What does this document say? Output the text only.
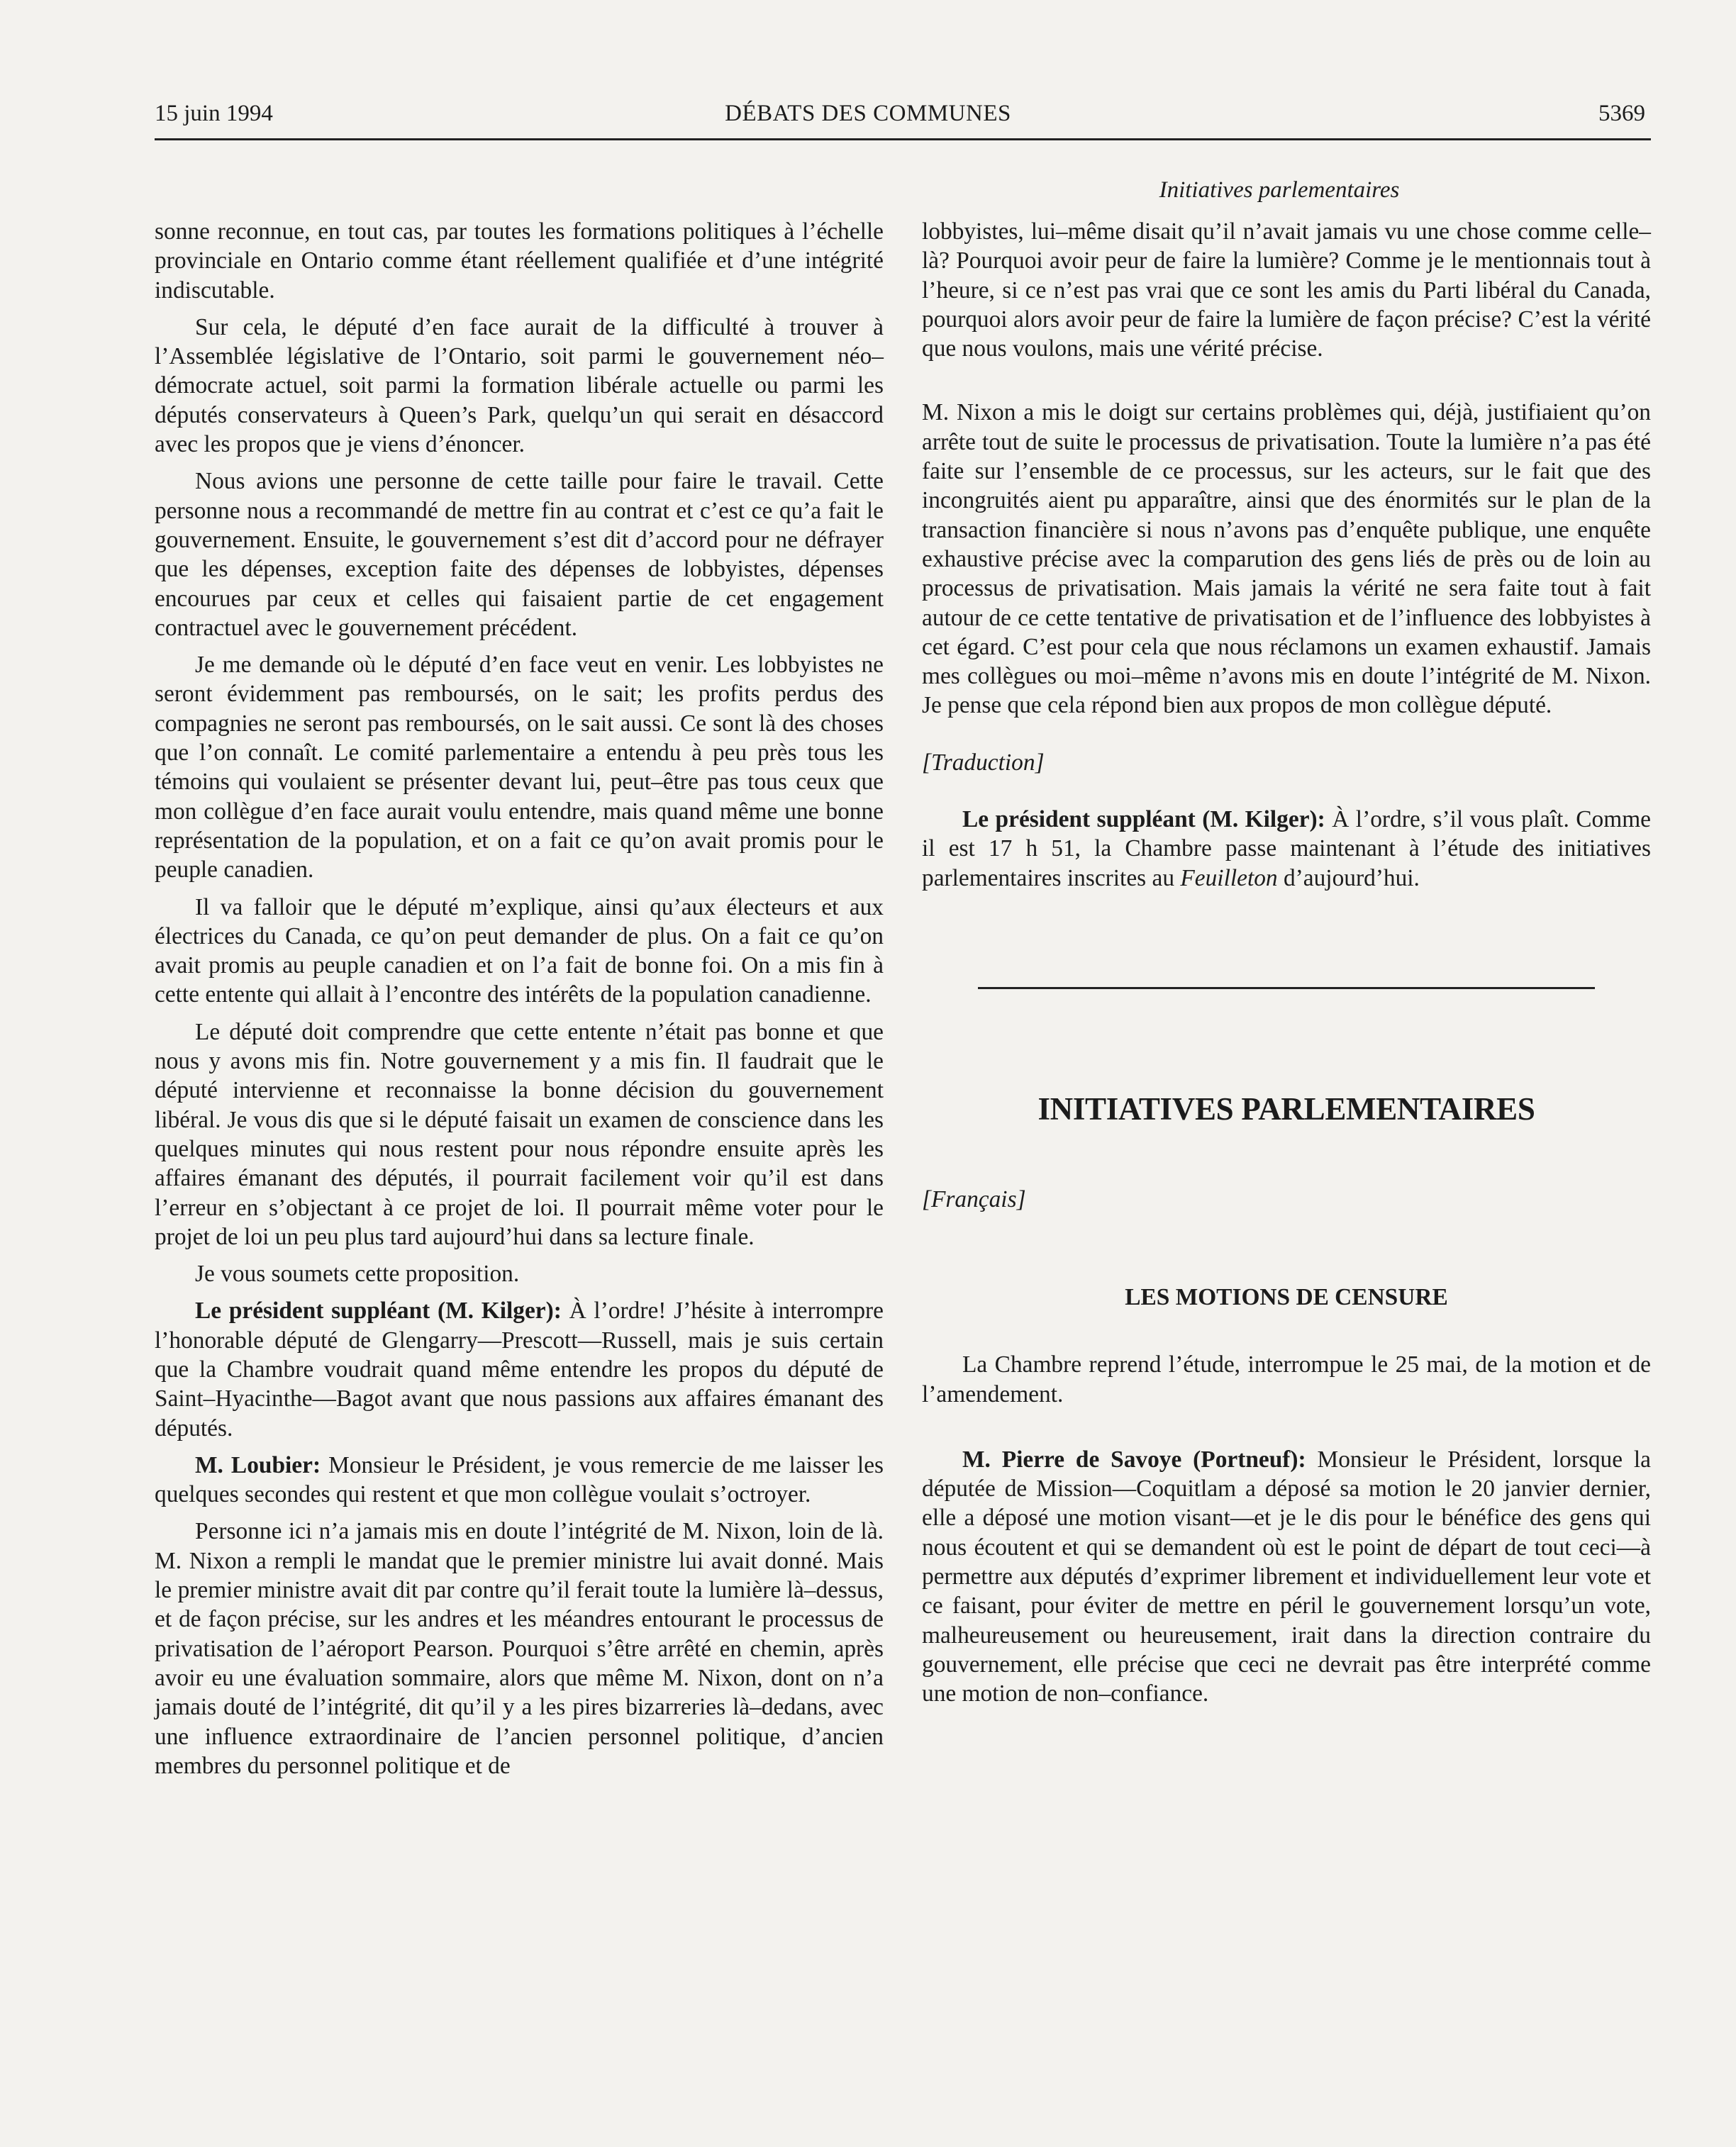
15 juin 1994	DÉBATS DES COMMUNES	5369
Initiatives parlementaires

sonne reconnue, en tout cas, par toutes les formations politiques à l’échelle provinciale en Ontario comme étant réellement qualifiée et d’une intégrité indiscutable.

Sur cela, le député d’en face aurait de la difficulté à trouver à l’Assemblée législative de l’Ontario, soit parmi le gouvernement néo–démocrate actuel, soit parmi la formation libérale actuelle ou parmi les députés conservateurs à Queen’s Park, quelqu’un qui serait en désaccord avec les propos que je viens d’énoncer.

Nous avions une personne de cette taille pour faire le travail. Cette personne nous a recommandé de mettre fin au contrat et c’est ce qu’a fait le gouvernement. Ensuite, le gouvernement s’est dit d’accord pour ne défrayer que les dépenses, exception faite des dépenses de lobbyistes, dépenses encourues par ceux et celles qui faisaient partie de cet engagement contractuel avec le gouvernement précédent.

Je me demande où le député d’en face veut en venir. Les lobbyistes ne seront évidemment pas remboursés, on le sait; les profits perdus des compagnies ne seront pas remboursés, on le sait aussi. Ce sont là des choses que l’on connaît. Le comité parlementaire a entendu à peu près tous les témoins qui voulaient se présenter devant lui, peut–être pas tous ceux que mon collègue d’en face aurait voulu entendre, mais quand même une bonne représentation de la population, et on a fait ce qu’on avait promis pour le peuple canadien.

Il va falloir que le député m’explique, ainsi qu’aux électeurs et aux électrices du Canada, ce qu’on peut demander de plus. On a fait ce qu’on avait promis au peuple canadien et on l’a fait de bonne foi. On a mis fin à cette entente qui allait à l’encontre des intérêts de la population canadienne.

Le député doit comprendre que cette entente n’était pas bonne et que nous y avons mis fin. Notre gouvernement y a mis fin. Il faudrait que le député intervienne et reconnaisse la bonne décision du gouvernement libéral. Je vous dis que si le député faisait un examen de conscience dans les quelques minutes qui nous restent pour nous répondre ensuite après les affaires émanant des députés, il pourrait facilement voir qu’il est dans l’erreur en s’objectant à ce projet de loi. Il pourrait même voter pour le projet de loi un peu plus tard aujourd’hui dans sa lecture finale.

Je vous soumets cette proposition.

Le président suppléant (M. Kilger): À l’ordre! J’hésite à interrompre l’honorable député de Glengarry—Prescott—Russell, mais je suis certain que la Chambre voudrait quand même entendre les propos du député de Saint–Hyacinthe—Bagot avant que nous passions aux affaires émanant des députés.

M. Loubier: Monsieur le Président, je vous remercie de me laisser les quelques secondes qui restent et que mon collègue voulait s’octroyer.

Personne ici n’a jamais mis en doute l’intégrité de M. Nixon, loin de là. M. Nixon a rempli le mandat que le premier ministre lui avait donné. Mais le premier ministre avait dit par contre qu’il ferait toute la lumière là–dessus, et de façon précise, sur les andres et les méandres entourant le processus de privatisation de l’aéroport Pearson. Pourquoi s’être arrêté en chemin, après avoir eu une évaluation sommaire, alors que même M. Nixon, dont on n’a jamais douté de l’intégrité, dit qu’il y a les pires bizarreries là–dedans, avec une influence extraordinaire de l’ancien personnel politique, d’ancien membres du personnel politique et de

lobbyistes, lui–même disait qu’il n’avait jamais vu une chose comme celle–là? Pourquoi avoir peur de faire la lumière? Comme je le mentionnais tout à l’heure, si ce n’est pas vrai que ce sont les amis du Parti libéral du Canada, pourquoi alors avoir peur de faire la lumière de façon précise? C’est la vérité que nous voulons, mais une vérité précise.

M. Nixon a mis le doigt sur certains problèmes qui, déjà, justifiaient qu’on arrête tout de suite le processus de privatisation. Toute la lumière n’a pas été faite sur l’ensemble de ce processus, sur les acteurs, sur le fait que des incongruités aient pu apparaître, ainsi que des énormités sur le plan de la transaction financière si nous n’avons pas d’enquête publique, une enquête exhaustive précise avec la comparution des gens liés de près ou de loin au processus de privatisation. Mais jamais la vérité ne sera faite tout à fait autour de ce cette tentative de privatisation et de l’influence des lobbyistes à cet égard. C’est pour cela que nous réclamons un examen exhaustif. Jamais mes collègues ou moi–même n’avons mis en doute l’intégrité de M. Nixon. Je pense que cela répond bien aux propos de mon collègue député.

[Traduction]

Le président suppléant (M. Kilger): À l’ordre, s’il vous plaît. Comme il est 17 h 51, la Chambre passe maintenant à l’étude des initiatives parlementaires inscrites au Feuilleton d’aujourd’hui.

INITIATIVES PARLEMENTAIRES

[Français]

LES MOTIONS DE CENSURE

La Chambre reprend l’étude, interrompue le 25 mai, de la motion et de l’amendement.

M. Pierre de Savoye (Portneuf): Monsieur le Président, lorsque la députée de Mission—Coquitlam a déposé sa motion le 20 janvier dernier, elle a déposé une motion visant—et je le dis pour le bénéfice des gens qui nous écoutent et qui se demandent où est le point de départ de tout ceci—à permettre aux députés d’exprimer librement et individuellement leur vote et ce faisant, pour éviter de mettre en péril le gouvernement lorsqu’un vote, malheureusement ou heureusement, irait dans la direction contraire du gouvernement, elle précise que ceci ne devrait pas être interprété comme une motion de non–confiance.
